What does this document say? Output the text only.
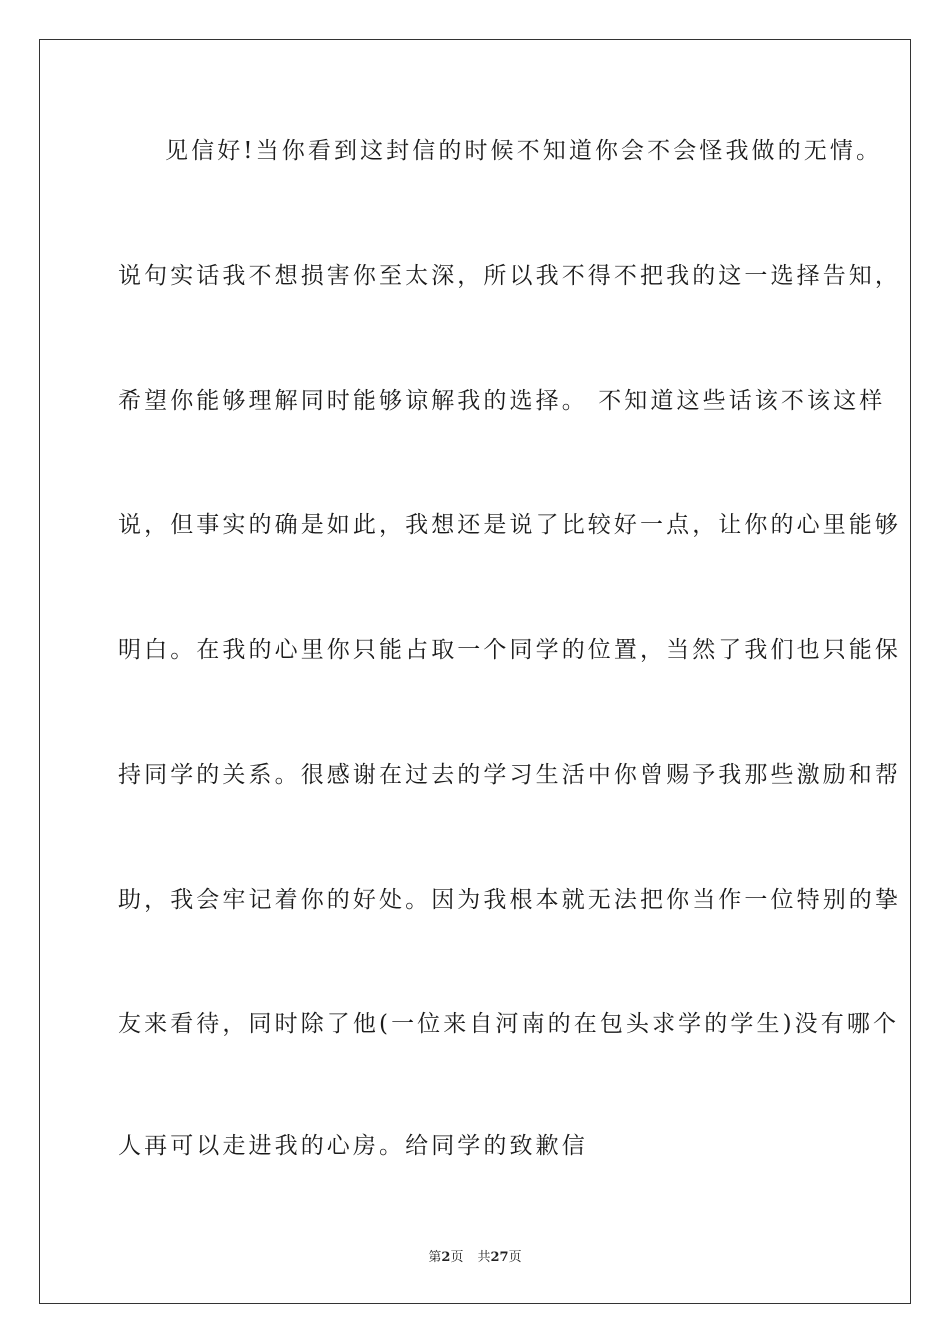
见信好!当你看到这封信的时候不知道你会不会怪我做的无情。
说句实话我不想损害你至太深，所以我不得不把我的这一选择告知，
希望你能够理解同时能够谅解我的选择。 不知道这些话该不该这样
说，但事实的确是如此，我想还是说了比较好一点，让你的心里能够
明白。在我的心里你只能占取一个同学的位置，当然了我们也只能保
持同学的关系。很感谢在过去的学习生活中你曾赐予我那些激励和帮
助，我会牢记着你的好处。因为我根本就无法把你当作一位特别的挚
友来看待，同时除了他(一位来自河南的在包头求学的学生)没有哪个
人再可以走进我的心房。给同学的致歉信
第2页 共27页
